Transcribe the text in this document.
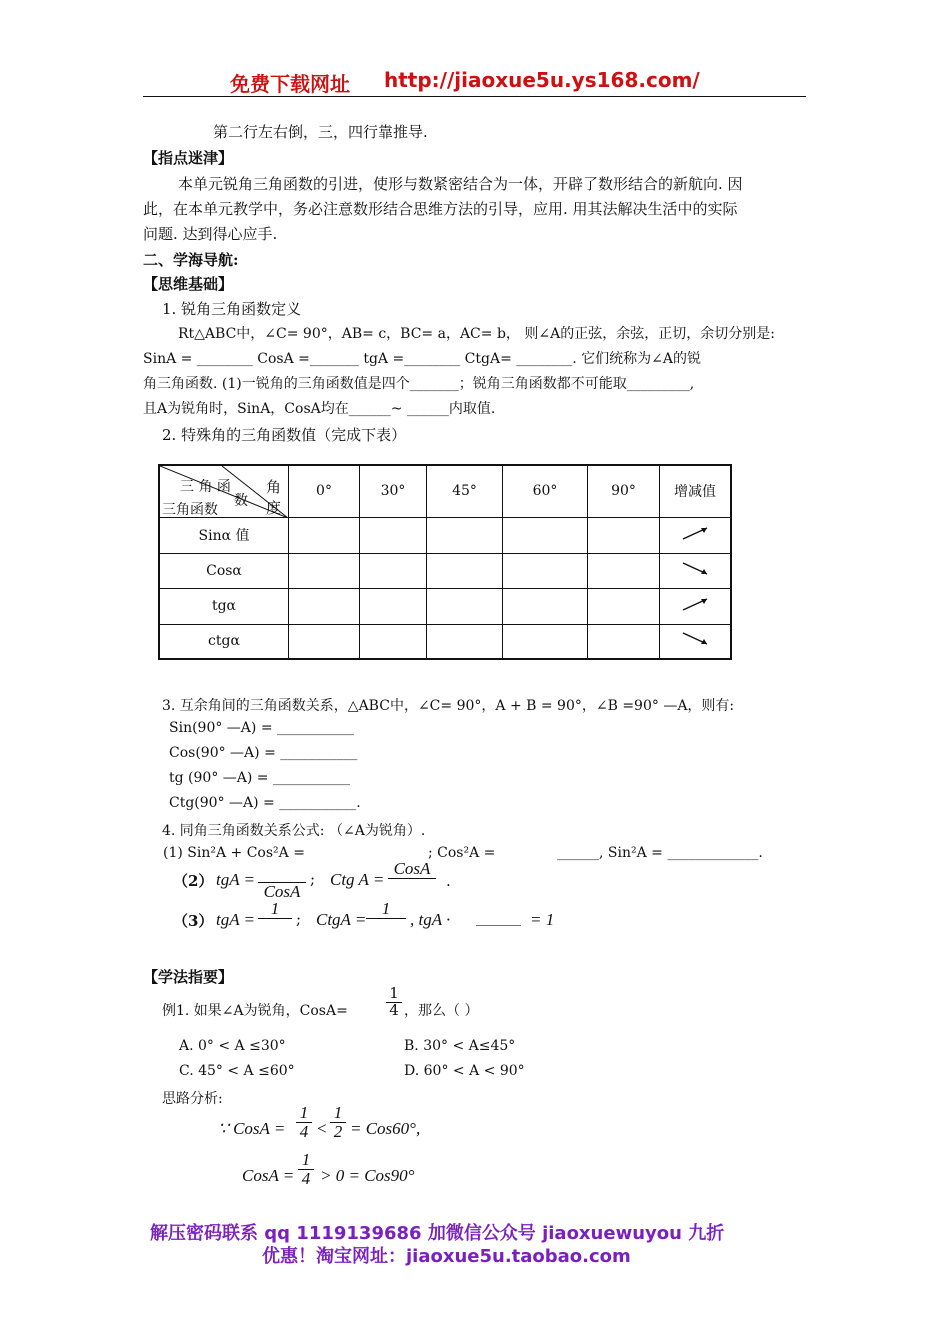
免费下载网址 http://jiaoxue5u.ys168.com/
第二行左右倒，三，四行靠推导.
【指点迷津】
本单元锐角三角函数的引进，使形与数紧密结合为一体，开辟了数形结合的新航向. 因
此，在本单元教学中，务必注意数形结合思维方法的引导，应用. 用其法解决生活中的实际
问题. 达到得心应手.
二、学海导航:
【思维基础】
1. 锐角三角函数定义
Rt△ABC中，∠C= 90°，AB= c，BC= a，AC= b， 则∠A的正弦，余弦，正切，余切分别是:
SinA = ________ CosA =_______ tgA =________ CtgA= ________. 它们统称为∠A的锐
角三角函数. (1)一锐角的三角函数值是四个_______；锐角三角函数都不可能取_________,
且A为锐角时，SinA，CosA均在______~ ______内取值.
2. 特殊角的三角函数值（完成下表）
三 角 函
数
角度
三角函数	0°	30°	45°	60°	90°	增减值
Sinα 值						
Cosα						
tgα						
ctgα						
3. 互余角间的三角函数关系，△ABC中，∠C= 90°，A + B = 90°，∠B =90° —A，则有:
Sin(90° —A) = ___________
Cos(90° —A) = ___________
tg (90° —A) = ___________
Ctg(90° —A) = ___________.
4. 同角三角函数关系公式: （∠A为锐角）.
(1) Sin²A + Cos²A =	; Cos²A =	______, Sin²A = _____________.
（2） tgA =
CosA
; Ctg A =
CosA
.
（3） tgA =
1
; CtgA =
1
, tgA · ______ = 1
【学法指要】
例1. 如果∠A为锐角，CosA=	$\frac{1}{4}$ ，那么（ ）
A. 0° < A ≤30°	B. 30° < A≤45°
C. 45° < A ≤60°	D. 60° < A < 90°
思路分析:
∵ CosA = $\frac{1}{4} < \frac{1}{2} = Cos60^\circ$,
CosA = $\frac{1}{4} > 0 = Cos90^\circ$
解压密码联系 qq 1119139686 加微信公众号 jiaoxuewuyou 九折
优惠！淘宝网址：jiaoxue5u.taobao.com
